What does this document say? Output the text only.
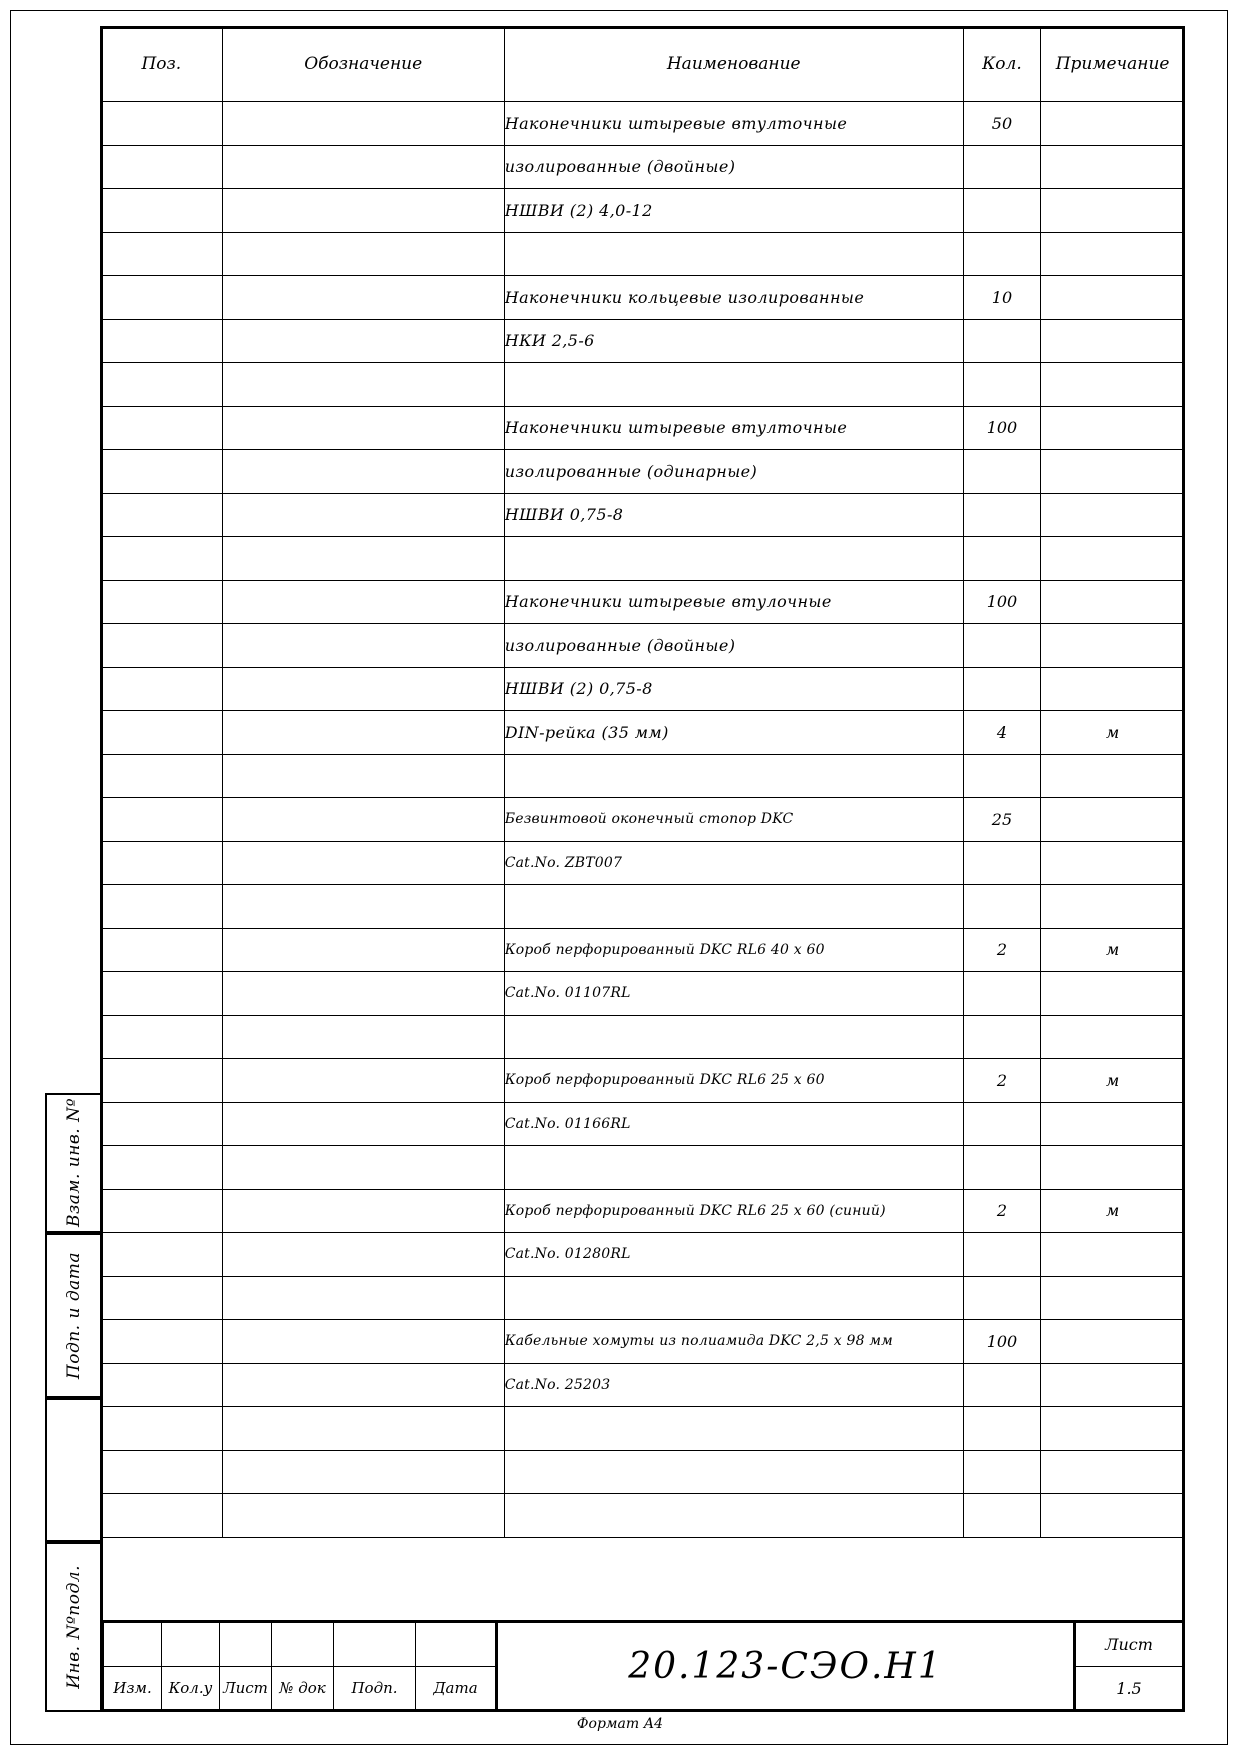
Взам. инв. Nº
Подп. и дата
Инв. Nºподл.
Поз.	Обозначение	Наименование	Кол.	Примечание
		Наконечники штыревые втулточные	50	
		изолированные (двойные)		
		НШВИ (2) 4,0-12		

		Наконечники кольцевые изолированные	10	
		НКИ 2,5-6		

		Наконечники штыревые втулточные	100	
		изолированные (одинарные)		
		НШВИ 0,75-8		

		Наконечники штыревые втулочные	100	
		изолированные (двойные)		
		НШВИ (2) 0,75-8		
		DIN-рейка (35 мм)	4	м

		Безвинтовой оконечный стопор DKC	25	
		Cat.No. ZBT007		

		Короб перфорированный DKC RL6 40 x 60	2	м
		Cat.No. 01107RL		

		Короб перфорированный DKC RL6 25 x 60	2	м
		Cat.No. 01166RL		

		Короб перфорированный DKC RL6 25 x 60 (синий)	2	м
		Cat.No. 01280RL		

		Кабельные хомуты из полиамида DKC 2,5 x 98 мм	100	
		Cat.No. 25203		

Изм.	Кол.у	Лист	№ док	Подп.	Дата
20.123-СЭО.Н1
Лист
1.5
Формат А4
